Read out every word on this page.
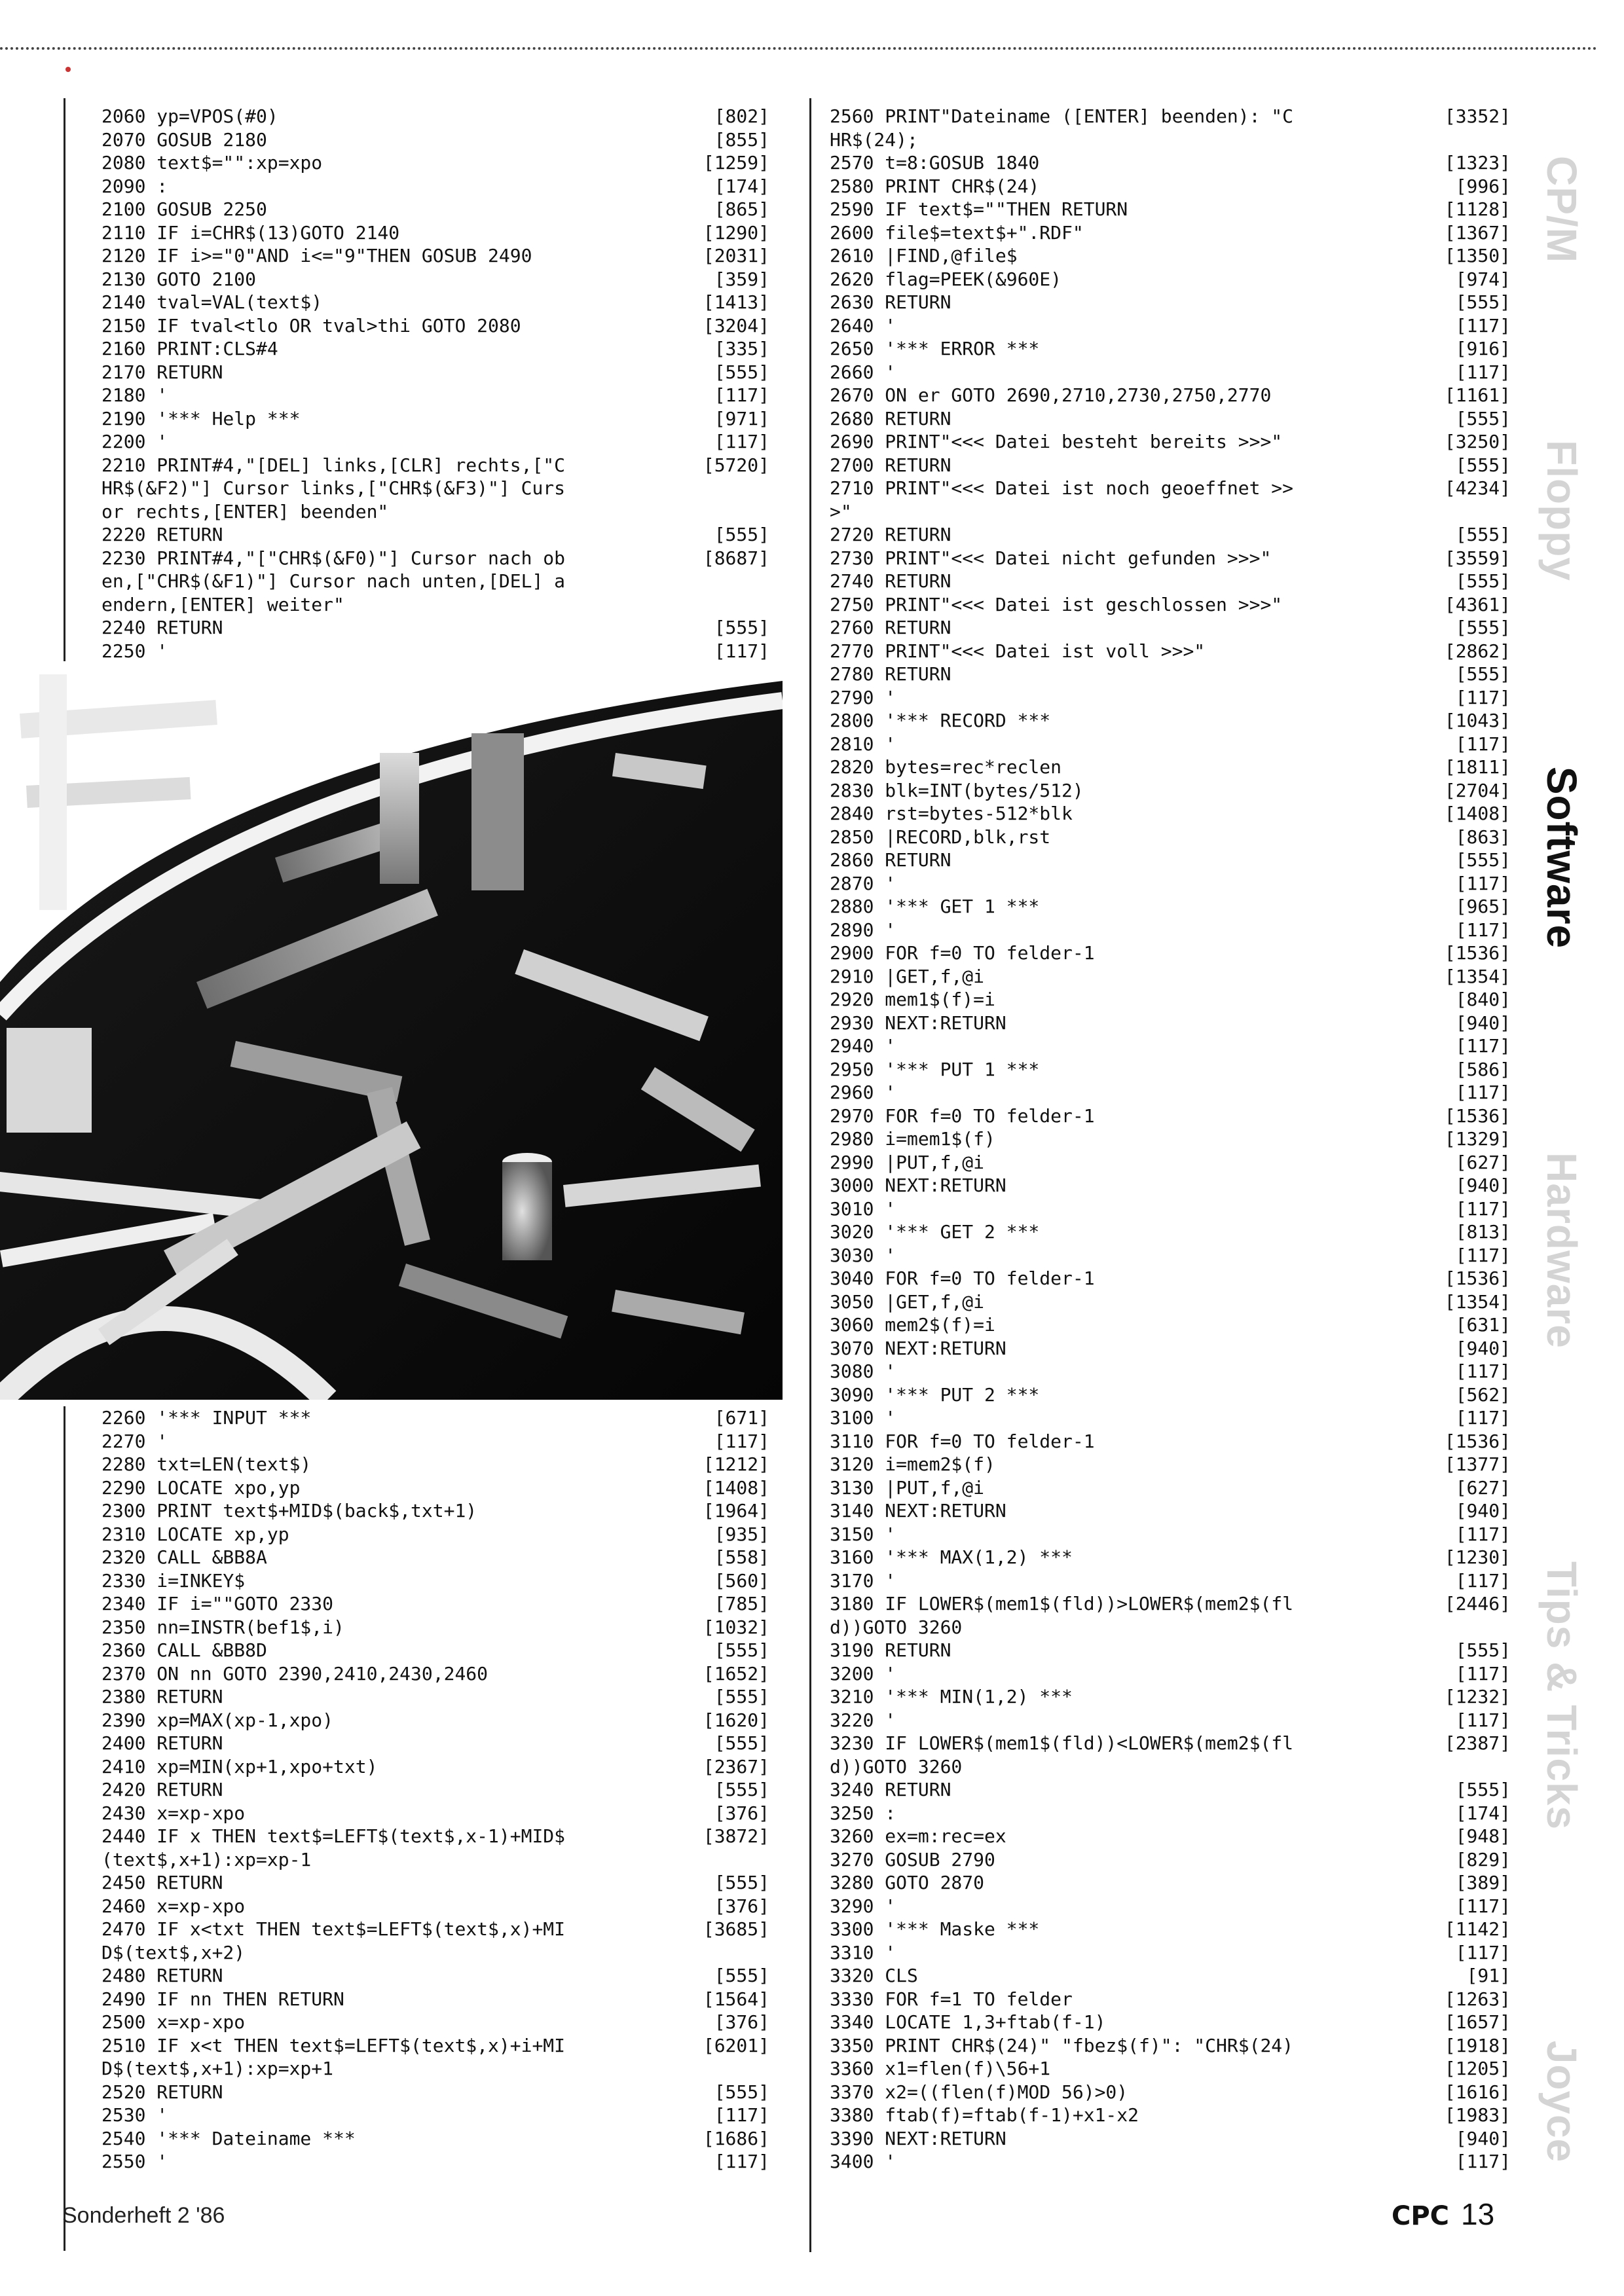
2060 yp=VPOS(#0)	[802]
2070 GOSUB 2180	[855]
2080 text$="":xp=xpo	[1259]
2090 :	[174]
2100 GOSUB 2250	[865]
2110 IF i=CHR$(13)GOTO 2140	[1290]
2120 IF i>="0"AND i<="9"THEN GOSUB 2490	[2031]
2130 GOTO 2100	[359]
2140 tval=VAL(text$)	[1413]
2150 IF tval<tlo OR tval>thi GOTO 2080	[3204]
2160 PRINT:CLS#4	[335]
2170 RETURN	[555]
2180 '	[117]
2190 '*** Help ***	[971]
2200 '	[117]
2210 PRINT#4,"[DEL] links,[CLR] rechts,["C	[5720]
HR$(&F2)"] Cursor links,["CHR$(&F3)"] Curs
or rechts,[ENTER] beenden"
2220 RETURN	[555]
2230 PRINT#4,"["CHR$(&F0)"] Cursor nach ob	[8687]
en,["CHR$(&F1)"] Cursor nach unten,[DEL] a
endern,[ENTER] weiter"
2240 RETURN	[555]
2250 '	[117]
2260 '*** INPUT ***	[671]
2270 '	[117]
2280 txt=LEN(text$)	[1212]
2290 LOCATE xpo,yp	[1408]
2300 PRINT text$+MID$(back$,txt+1)	[1964]
2310 LOCATE xp,yp	[935]
2320 CALL &BB8A	[558]
2330 i=INKEY$	[560]
2340 IF i=""GOTO 2330	[785]
2350 nn=INSTR(bef1$,i)	[1032]
2360 CALL &BB8D	[555]
2370 ON nn GOTO 2390,2410,2430,2460	[1652]
2380 RETURN	[555]
2390 xp=MAX(xp-1,xpo)	[1620]
2400 RETURN	[555]
2410 xp=MIN(xp+1,xpo+txt)	[2367]
2420 RETURN	[555]
2430 x=xp-xpo	[376]
2440 IF x THEN text$=LEFT$(text$,x-1)+MID$	[3872]
(text$,x+1):xp=xp-1
2450 RETURN	[555]
2460 x=xp-xpo	[376]
2470 IF x<txt THEN text$=LEFT$(text$,x)+MI	[3685]
D$(text$,x+2)
2480 RETURN	[555]
2490 IF nn THEN RETURN	[1564]
2500 x=xp-xpo	[376]
2510 IF x<t THEN text$=LEFT$(text$,x)+i+MI	[6201]
D$(text$,x+1):xp=xp+1
2520 RETURN	[555]
2530 '	[117]
2540 '*** Dateiname ***	[1686]
2550 '	[117]
2560 PRINT"Dateiname ([ENTER] beenden): "C	[3352]
HR$(24);
2570 t=8:GOSUB 1840	[1323]
2580 PRINT CHR$(24)	[996]
2590 IF text$=""THEN RETURN	[1128]
2600 file$=text$+".RDF"	[1367]
2610 |FIND,@file$	[1350]
2620 flag=PEEK(&960E)	[974]
2630 RETURN	[555]
2640 '	[117]
2650 '*** ERROR ***	[916]
2660 '	[117]
2670 ON er GOTO 2690,2710,2730,2750,2770	[1161]
2680 RETURN	[555]
2690 PRINT"<<< Datei besteht bereits >>>"	[3250]
2700 RETURN	[555]
2710 PRINT"<<< Datei ist noch geoeffnet >>	[4234]
>"
2720 RETURN	[555]
2730 PRINT"<<< Datei nicht gefunden >>>"	[3559]
2740 RETURN	[555]
2750 PRINT"<<< Datei ist geschlossen >>>"	[4361]
2760 RETURN	[555]
2770 PRINT"<<< Datei ist voll >>>"	[2862]
2780 RETURN	[555]
2790 '	[117]
2800 '*** RECORD ***	[1043]
2810 '	[117]
2820 bytes=rec*reclen	[1811]
2830 blk=INT(bytes/512)	[2704]
2840 rst=bytes-512*blk	[1408]
2850 |RECORD,blk,rst	[863]
2860 RETURN	[555]
2870 '	[117]
2880 '*** GET 1 ***	[965]
2890 '	[117]
2900 FOR f=0 TO felder-1	[1536]
2910 |GET,f,@i	[1354]
2920 mem1$(f)=i	[840]
2930 NEXT:RETURN	[940]
2940 '	[117]
2950 '*** PUT 1 ***	[586]
2960 '	[117]
2970 FOR f=0 TO felder-1	[1536]
2980 i=mem1$(f)	[1329]
2990 |PUT,f,@i	[627]
3000 NEXT:RETURN	[940]
3010 '	[117]
3020 '*** GET 2 ***	[813]
3030 '	[117]
3040 FOR f=0 TO felder-1	[1536]
3050 |GET,f,@i	[1354]
3060 mem2$(f)=i	[631]
3070 NEXT:RETURN	[940]
3080 '	[117]
3090 '*** PUT 2 ***	[562]
3100 '	[117]
3110 FOR f=0 TO felder-1	[1536]
3120 i=mem2$(f)	[1377]
3130 |PUT,f,@i	[627]
3140 NEXT:RETURN	[940]
3150 '	[117]
3160 '*** MAX(1,2) ***	[1230]
3170 '	[117]
3180 IF LOWER$(mem1$(fld))>LOWER$(mem2$(fl	[2446]
d))GOTO 3260
3190 RETURN	[555]
3200 '	[117]
3210 '*** MIN(1,2) ***	[1232]
3220 '	[117]
3230 IF LOWER$(mem1$(fld))<LOWER$(mem2$(fl	[2387]
d))GOTO 3260
3240 RETURN	[555]
3250 :	[174]
3260 ex=m:rec=ex	[948]
3270 GOSUB 2790	[829]
3280 GOTO 2870	[389]
3290 '	[117]
3300 '*** Maske ***	[1142]
3310 '	[117]
3320 CLS	[91]
3330 FOR f=1 TO felder	[1263]
3340 LOCATE 1,3+ftab(f-1)	[1657]
3350 PRINT CHR$(24)" "fbez$(f)": "CHR$(24)	[1918]
3360 x1=flen(f)\56+1	[1205]
3370 x2=((flen(f)MOD 56)>0)	[1616]
3380 ftab(f)=ftab(f-1)+x1-x2	[1983]
3390 NEXT:RETURN	[940]
3400 '	[117]
CP/M
Floppy
Software
Hardware
Tips & Tricks
Joyce
Sonderheft 2 '86	CPC 13
